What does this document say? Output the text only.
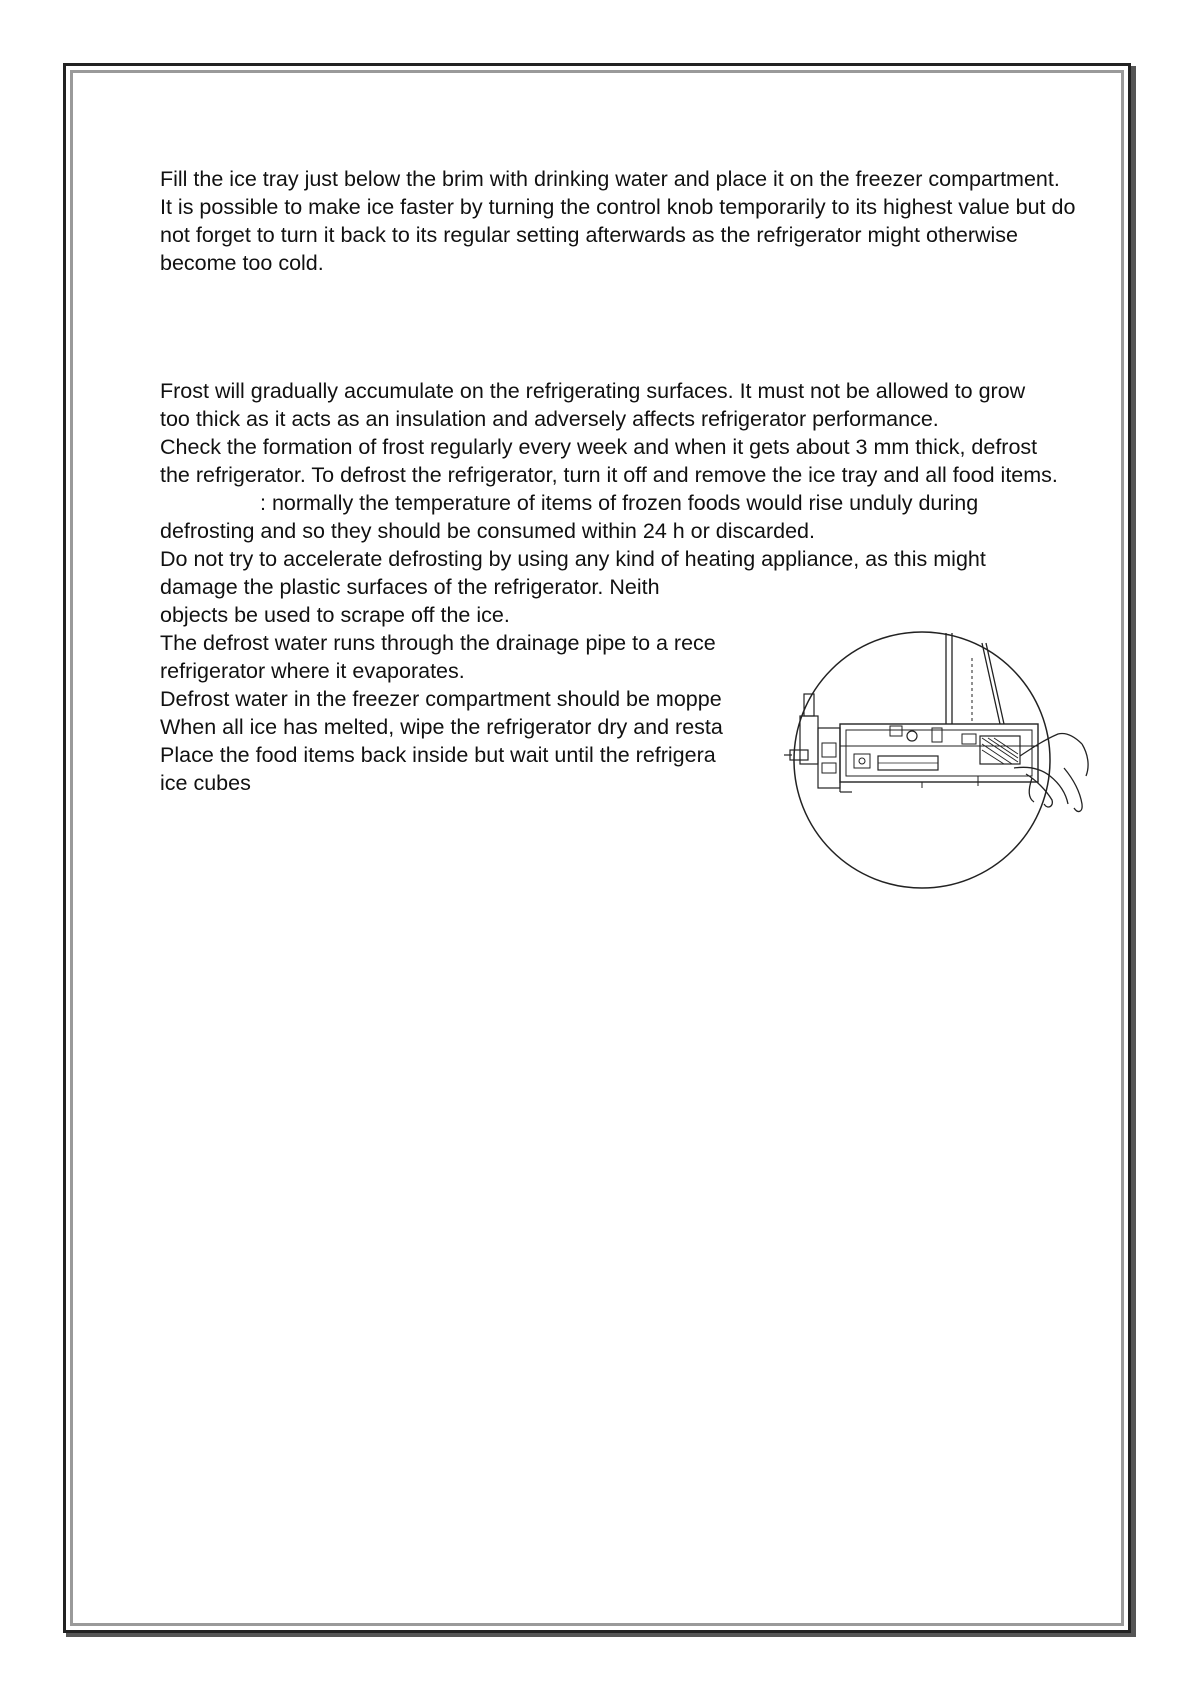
Fill the ice tray just below the brim with drinking water and place it on the freezer compartment.

It is possible to make ice faster by turning the control knob temporarily to its highest value but do not forget to turn it back to its regular setting afterwards as the refrigerator might otherwise become too cold.

Frost will gradually accumulate on the refrigerating surfaces. It must not be allowed to grow too thick as it acts as an insulation and adversely affects refrigerator performance.

Check the formation of frost regularly every week and when it gets about 3 mm thick, defrost the refrigerator. To defrost the refrigerator, turn it off and remove the ice tray and all food items.

: normally the temperature of items of frozen foods would rise unduly during defrosting and so they should be consumed within 24 h or discarded.

Do not try to accelerate defrosting by using any kind of heating appliance, as this might damage the plastic surfaces of the refrigerator. Neith

objects be used to scrape off the ice.

The defrost water runs through the drainage pipe to a rece

refrigerator where it evaporates.

Defrost water in the freezer compartment should be moppe

When all ice has melted, wipe the refrigerator dry and resta

Place the food items back inside but wait until the refrigera

ice cubes
